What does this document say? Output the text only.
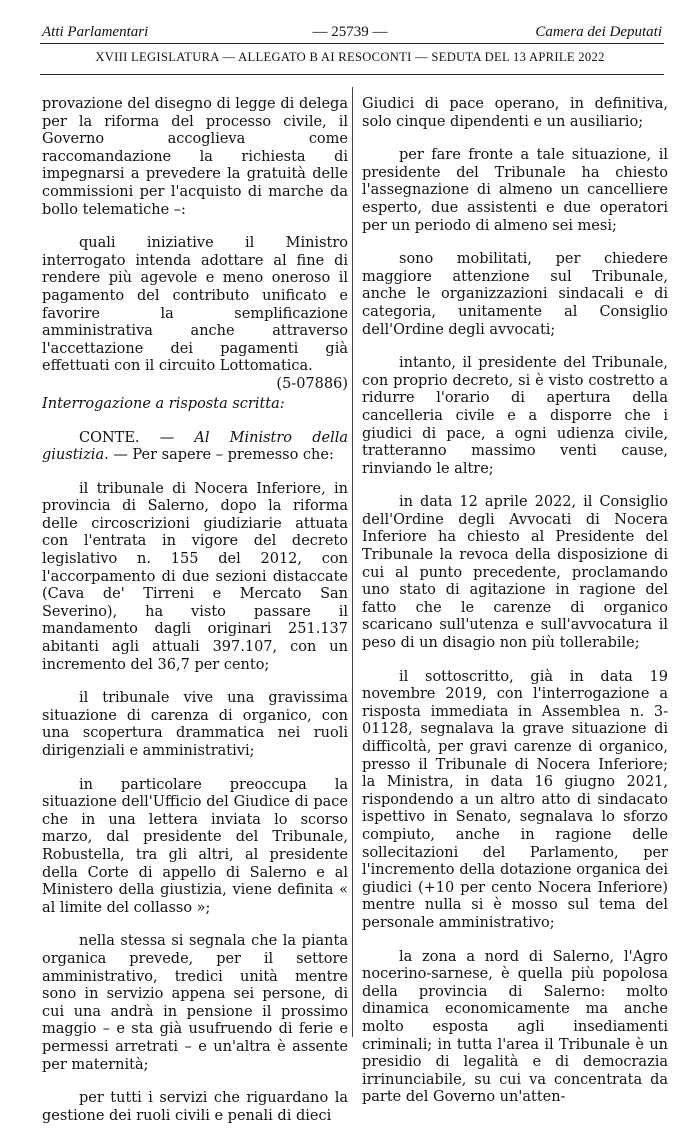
Atti Parlamentari	— 25739 —	Camera dei Deputati
XVIII LEGISLATURA — ALLEGATO B AI RESOCONTI — SEDUTA DEL 13 APRILE 2022

provazione del disegno di legge di delega per la riforma del processo civile, il Governo accoglieva come raccomandazione la richiesta di impegnarsi a prevedere la gratuità delle commissioni per l'acquisto di marche da bollo telematiche –:

quali iniziative il Ministro interrogato intenda adottare al fine di rendere più agevole e meno oneroso il pagamento del contributo unificato e favorire la semplificazione amministrativa anche attraverso l'accettazione dei pagamenti già effettuati con il circuito Lottomatica.
(5-07886)

Interrogazione a risposta scritta:

CONTE. — Al Ministro della giustizia. — Per sapere – premesso che:

il tribunale di Nocera Inferiore, in provincia di Salerno, dopo la riforma delle circoscrizioni giudiziarie attuata con l'entrata in vigore del decreto legislativo n. 155 del 2012, con l'accorpamento di due sezioni distaccate (Cava de' Tirreni e Mercato San Severino), ha visto passare il mandamento dagli originari 251.137 abitanti agli attuali 397.107, con un incremento del 36,7 per cento;

il tribunale vive una gravissima situazione di carenza di organico, con una scopertura drammatica nei ruoli dirigenziali e amministrativi;

in particolare preoccupa la situazione dell'Ufficio del Giudice di pace che in una lettera inviata lo scorso marzo, dal presidente del Tribunale, Robustella, tra gli altri, al presidente della Corte di appello di Salerno e al Ministero della giustizia, viene definita « al limite del collasso »;

nella stessa si segnala che la pianta organica prevede, per il settore amministrativo, tredici unità mentre sono in servizio appena sei persone, di cui una andrà in pensione il prossimo maggio – e sta già usufruendo di ferie e permessi arretrati – e un'altra è assente per maternità;

per tutti i servizi che riguardano la gestione dei ruoli civili e penali di dieci

Giudici di pace operano, in definitiva, solo cinque dipendenti e un ausiliario;

per fare fronte a tale situazione, il presidente del Tribunale ha chiesto l'assegnazione di almeno un cancelliere esperto, due assistenti e due operatori per un periodo di almeno sei mesi;

sono mobilitati, per chiedere maggiore attenzione sul Tribunale, anche le organizzazioni sindacali e di categoria, unitamente al Consiglio dell'Ordine degli avvocati;

intanto, il presidente del Tribunale, con proprio decreto, si è visto costretto a ridurre l'orario di apertura della cancelleria civile e a disporre che i giudici di pace, a ogni udienza civile, tratteranno massimo venti cause, rinviando le altre;

in data 12 aprile 2022, il Consiglio dell'Ordine degli Avvocati di Nocera Inferiore ha chiesto al Presidente del Tribunale la revoca della disposizione di cui al punto precedente, proclamando uno stato di agitazione in ragione del fatto che le carenze di organico scaricano sull'utenza e sull'avvocatura il peso di un disagio non più tollerabile;

il sottoscritto, già in data 19 novembre 2019, con l'interrogazione a risposta immediata in Assemblea n. 3-01128, segnalava la grave situazione di difficoltà, per gravi carenze di organico, presso il Tribunale di Nocera Inferiore; la Ministra, in data 16 giugno 2021, rispondendo a un altro atto di sindacato ispettivo in Senato, segnalava lo sforzo compiuto, anche in ragione delle sollecitazioni del Parlamento, per l'incremento della dotazione organica dei giudici (+10 per cento Nocera Inferiore) mentre nulla si è mosso sul tema del personale amministrativo;

la zona a nord di Salerno, l'Agro nocerino-sarnese, è quella più popolosa della provincia di Salerno: molto dinamica economicamente ma anche molto esposta agli insediamenti criminali; in tutta l'area il Tribunale è un presidio di legalità e di democrazia irrinunciabile, su cui va concentrata da parte del Governo un'atten-
